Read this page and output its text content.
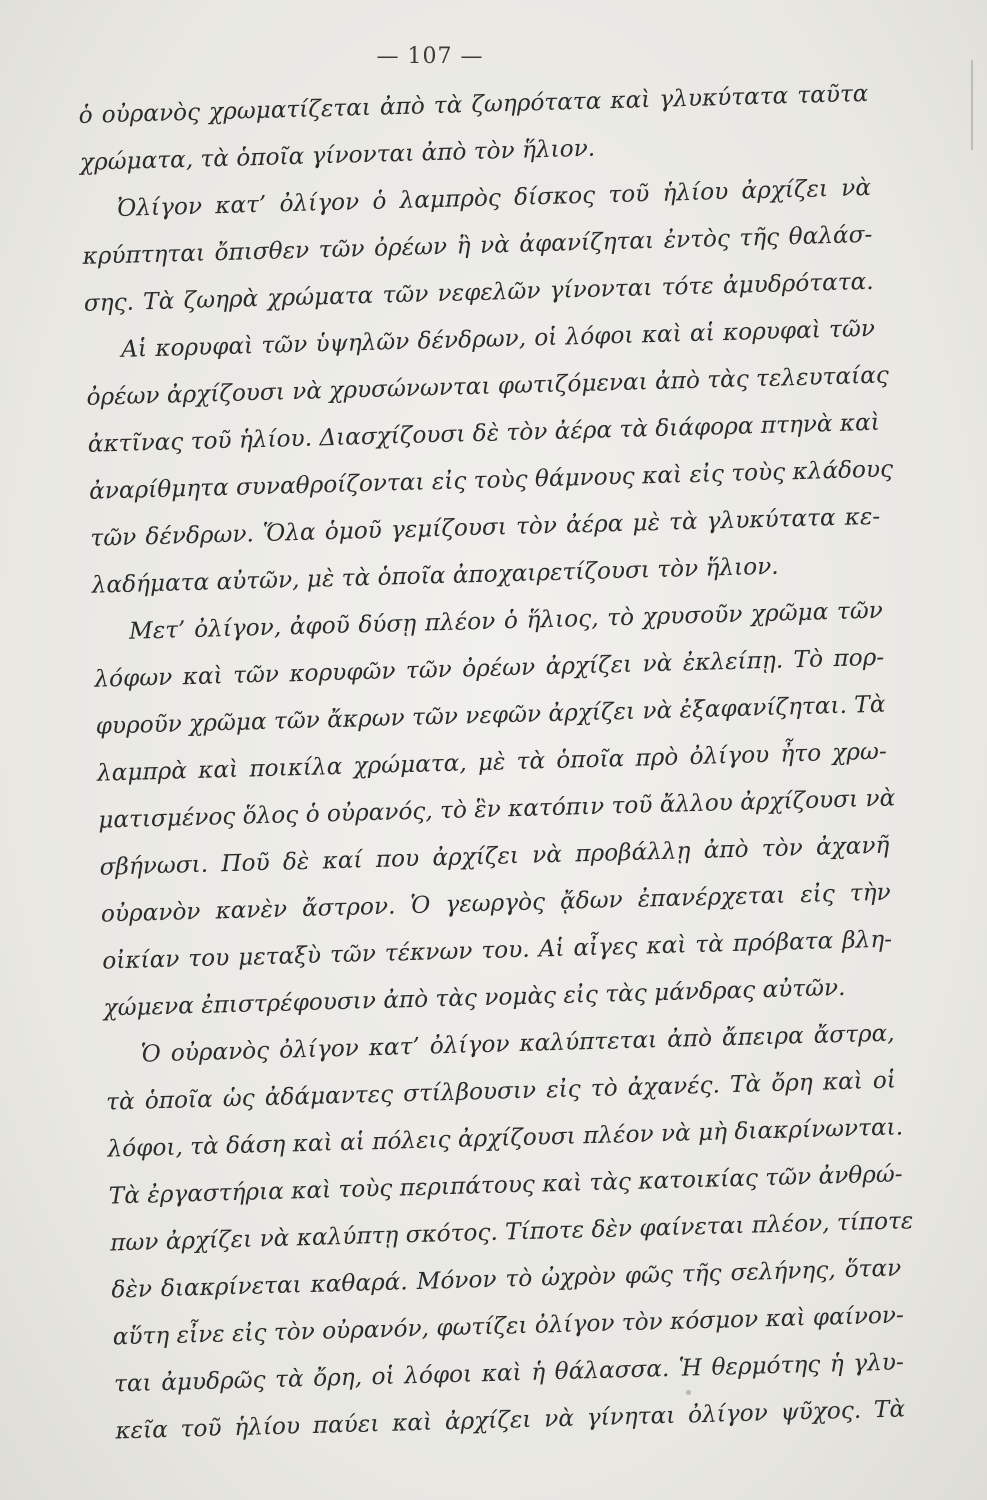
— 107 —
ὁ οὐρανὸς χρωματίζεται ἀπὸ τὰ ζωηρότατα καὶ γλυκύτατα ταῦτα
χρώματα, τὰ ὁποῖα γίνονται ἀπὸ τὸν ἥλιον.
Ὀλίγον κατ’ ὀλίγον ὁ λαμπρὸς δίσκος τοῦ ἡλίου ἀρχίζει νὰ
κρύπτηται ὄπισθεν τῶν ὀρέων ἢ νὰ ἀφανίζηται ἐντὸς τῆς θαλάσ-
σης. Τὰ ζωηρὰ χρώματα τῶν νεφελῶν γίνονται τότε ἀμυδρότατα.
Αἱ κορυφαὶ τῶν ὑψηλῶν δένδρων, οἱ λόφοι καὶ αἱ κορυφαὶ τῶν
ὀρέων ἀρχίζουσι νὰ χρυσώνωνται φωτιζόμεναι ἀπὸ τὰς τελευταίας
ἀκτῖνας τοῦ ἡλίου. Διασχίζουσι δὲ τὸν ἀέρα τὰ διάφορα πτηνὰ καὶ
ἀναρίθμητα συναθροίζονται εἰς τοὺς θάμνους καὶ εἰς τοὺς κλάδους
τῶν δένδρων. Ὅλα ὁμοῦ γεμίζουσι τὸν ἀέρα μὲ τὰ γλυκύτατα κε-
λαδήματα αὐτῶν, μὲ τὰ ὁποῖα ἀποχαιρετίζουσι τὸν ἥλιον.
Μετ’ ὀλίγον, ἀφοῦ δύσῃ πλέον ὁ ἥλιος, τὸ χρυσοῦν χρῶμα τῶν
λόφων καὶ τῶν κορυφῶν τῶν ὀρέων ἀρχίζει νὰ ἐκλείπῃ. Τὸ πορ-
φυροῦν χρῶμα τῶν ἄκρων τῶν νεφῶν ἀρχίζει νὰ ἐξαφανίζηται. Τὰ
λαμπρὰ καὶ ποικίλα χρώματα, μὲ τὰ ὁποῖα πρὸ ὀλίγου ἦτο χρω-
ματισμένος ὅλος ὁ οὐρανός, τὸ ἓν κατόπιν τοῦ ἄλλου ἀρχίζουσι νὰ
σβήνωσι. Ποῦ δὲ καί που ἀρχίζει νὰ προβάλλῃ ἀπὸ τὸν ἀχανῆ
οὐρανὸν κανὲν ἄστρον. Ὁ γεωργὸς ᾄδων ἐπανέρχεται εἰς τὴν
οἰκίαν του μεταξὺ τῶν τέκνων του. Αἱ αἶγες καὶ τὰ πρόβατα βλη-
χώμενα ἐπιστρέφουσιν ἀπὸ τὰς νομὰς εἰς τὰς μάνδρας αὐτῶν.
Ὁ οὐρανὸς ὀλίγον κατ’ ὀλίγον καλύπτεται ἀπὸ ἄπειρα ἄστρα,
τὰ ὁποῖα ὡς ἀδάμαντες στίλβουσιν εἰς τὸ ἀχανές. Τὰ ὄρη καὶ οἱ
λόφοι, τὰ δάση καὶ αἱ πόλεις ἀρχίζουσι πλέον νὰ μὴ διακρίνωνται.
Τὰ ἐργαστήρια καὶ τοὺς περιπάτους καὶ τὰς κατοικίας τῶν ἀνθρώ-
πων ἀρχίζει νὰ καλύπτῃ σκότος. Τίποτε δὲν φαίνεται πλέον, τίποτε
δὲν διακρίνεται καθαρά. Μόνον τὸ ὠχρὸν φῶς τῆς σελήνης, ὅταν
αὕτη εἶνε εἰς τὸν οὐρανόν, φωτίζει ὀλίγον τὸν κόσμον καὶ φαίνον-
ται ἀμυδρῶς τὰ ὄρη, οἱ λόφοι καὶ ἡ θάλασσα. Ἡ θερμότης ἡ γλυ-
κεῖα τοῦ ἡλίου παύει καὶ ἀρχίζει νὰ γίνηται ὀλίγον ψῦχος. Τὰ
